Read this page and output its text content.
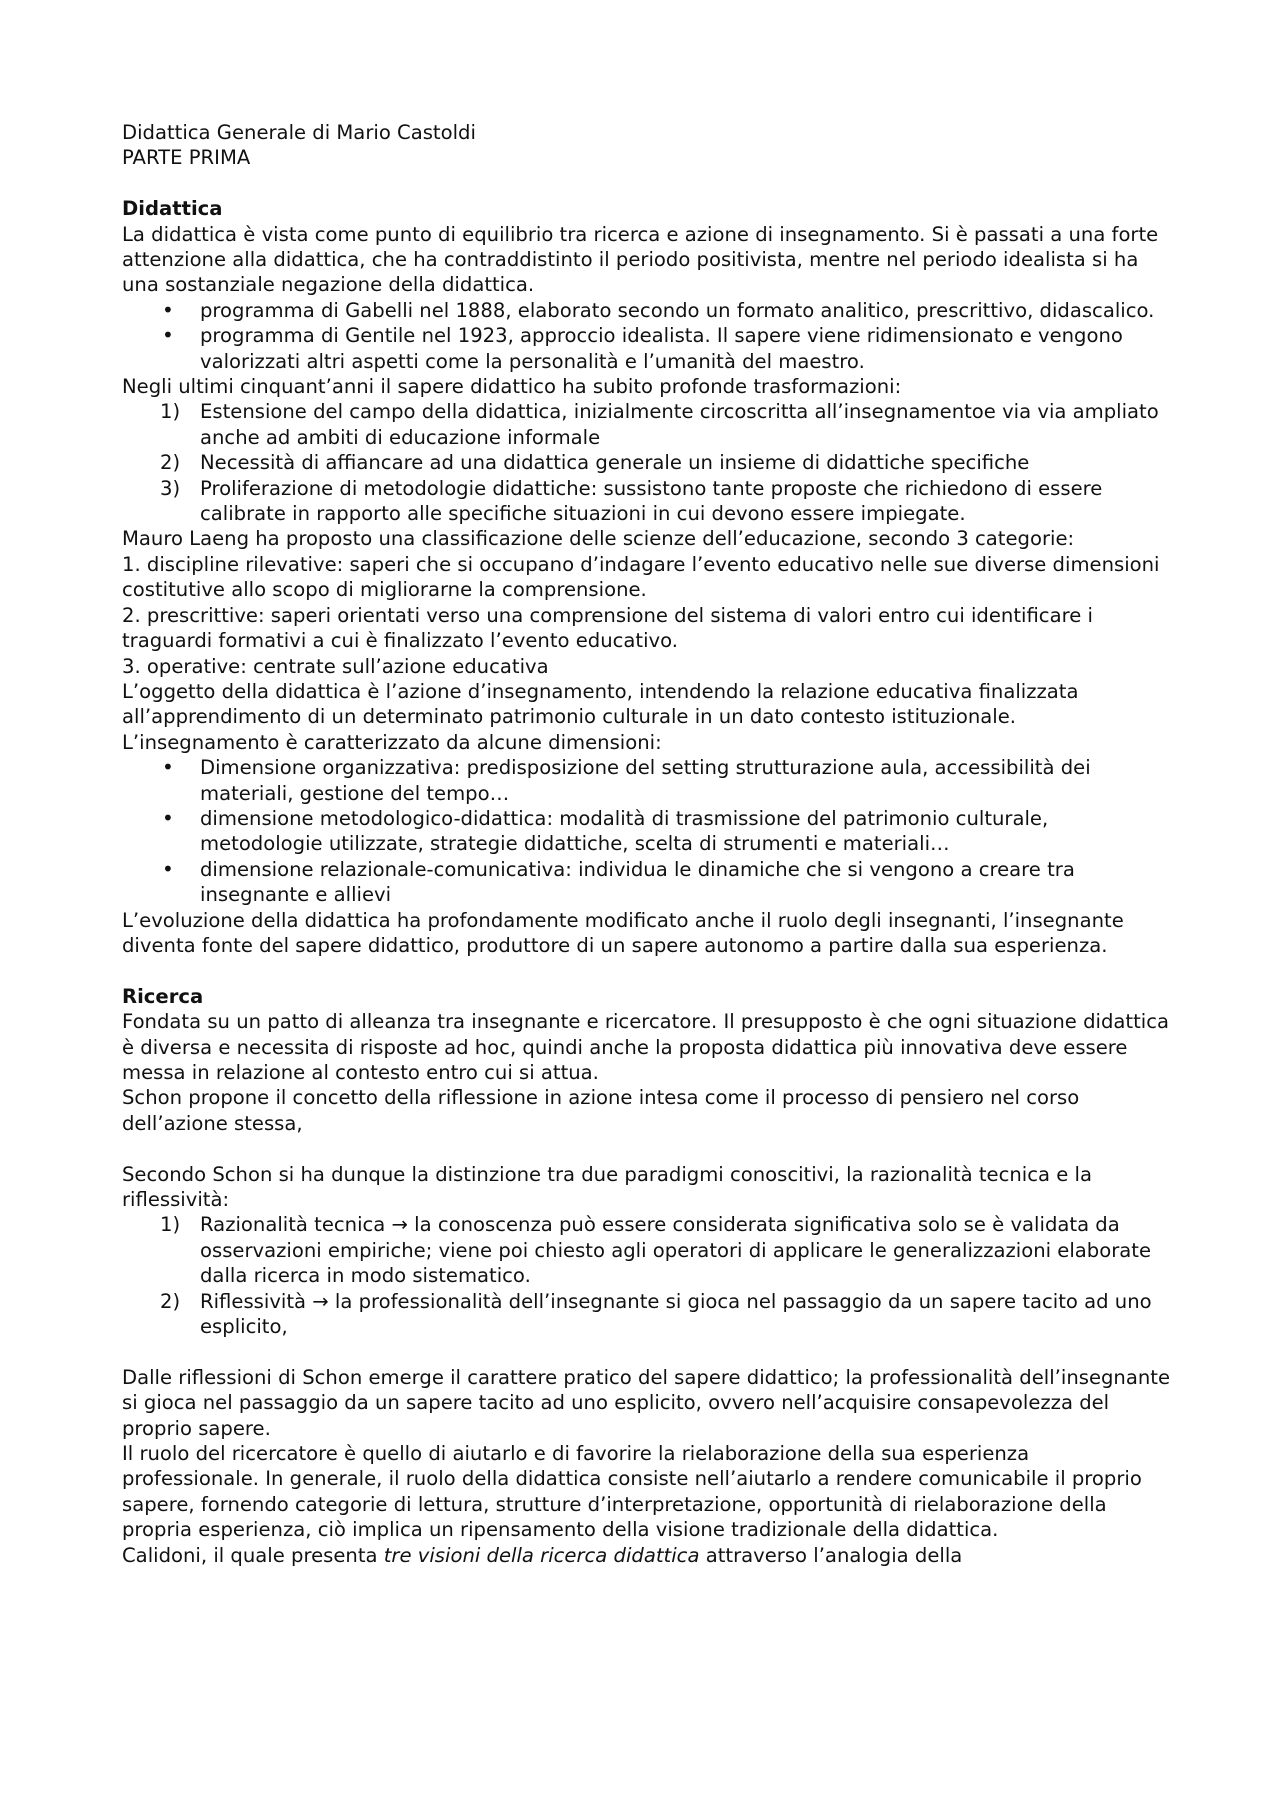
Didattica Generale di Mario Castoldi

PARTE PRIMA

Didattica

La didattica è vista come punto di equilibrio tra ricerca e azione di insegnamento. Si è passati a una forte attenzione alla didattica, che ha contraddistinto il periodo positivista, mentre nel periodo idealista si ha una sostanziale negazione della didattica.

• programma di Gabelli nel 1888, elaborato secondo un formato analitico, prescrittivo, didascalico.
• programma di Gentile nel 1923, approccio idealista. Il sapere viene ridimensionato e vengono valorizzati altri aspetti come la personalità e l’umanità del maestro.

Negli ultimi cinquant’anni il sapere didattico ha subito profonde trasformazioni:

1) Estensione del campo della didattica, inizialmente circoscritta all’insegnamentoe via via ampliato anche ad ambiti di educazione informale
2) Necessità di affiancare ad una didattica generale un insieme di didattiche specifiche
3) Proliferazione di metodologie didattiche: sussistono tante proposte che richiedono di essere calibrate in rapporto alle specifiche situazioni in cui devono essere impiegate.

Mauro Laeng ha proposto una classificazione delle scienze dell’educazione, secondo 3 categorie:

1. discipline rilevative: saperi che si occupano d’indagare l’evento educativo nelle sue diverse dimensioni costitutive allo scopo di migliorarne la comprensione.

2. prescrittive: saperi orientati verso una comprensione del sistema di valori entro cui identificare i traguardi formativi a cui è finalizzato l’evento educativo.

3. operative: centrate sull’azione educativa

L’oggetto della didattica è l’azione d’insegnamento, intendendo la relazione educativa finalizzata all’apprendimento di un determinato patrimonio culturale in un dato contesto istituzionale.

L’insegnamento è caratterizzato da alcune dimensioni:

• Dimensione organizzativa: predisposizione del setting strutturazione aula, accessibilità dei materiali, gestione del tempo…
• dimensione metodologico-didattica: modalità di trasmissione del patrimonio culturale, metodologie utilizzate, strategie didattiche, scelta di strumenti e materiali…
• dimensione relazionale-comunicativa: individua le dinamiche che si vengono a creare tra insegnante e allievi

L’evoluzione della didattica ha profondamente modificato anche il ruolo degli insegnanti, l’insegnante diventa fonte del sapere didattico, produttore di un sapere autonomo a partire dalla sua esperienza.

Ricerca

Fondata su un patto di alleanza tra insegnante e ricercatore. Il presupposto è che ogni situazione didattica è diversa e necessita di risposte ad hoc, quindi anche la proposta didattica più innovativa deve essere messa in relazione al contesto entro cui si attua.

Schon propone il concetto della riflessione in azione intesa come il processo di pensiero nel corso dell’azione stessa,

Secondo Schon si ha dunque la distinzione tra due paradigmi conoscitivi, la razionalità tecnica e la riflessività:

1) Razionalità tecnica → la conoscenza può essere considerata significativa solo se è validata da osservazioni empiriche; viene poi chiesto agli operatori di applicare le generalizzazioni elaborate dalla ricerca in modo sistematico.
2) Riflessività → la professionalità dell’insegnante si gioca nel passaggio da un sapere tacito ad uno esplicito,

Dalle riflessioni di Schon emerge il carattere pratico del sapere didattico; la professionalità dell’insegnante si gioca nel passaggio da un sapere tacito ad uno esplicito, ovvero nell’acquisire consapevolezza del proprio sapere.

Il ruolo del ricercatore è quello di aiutarlo e di favorire la rielaborazione della sua esperienza professionale. In generale, il ruolo della didattica consiste nell’aiutarlo a rendere comunicabile il proprio sapere, fornendo categorie di lettura, strutture d’interpretazione, opportunità di rielaborazione della propria esperienza, ciò implica un ripensamento della visione tradizionale della didattica.

Calidoni, il quale presenta tre visioni della ricerca didattica attraverso l’analogia della
